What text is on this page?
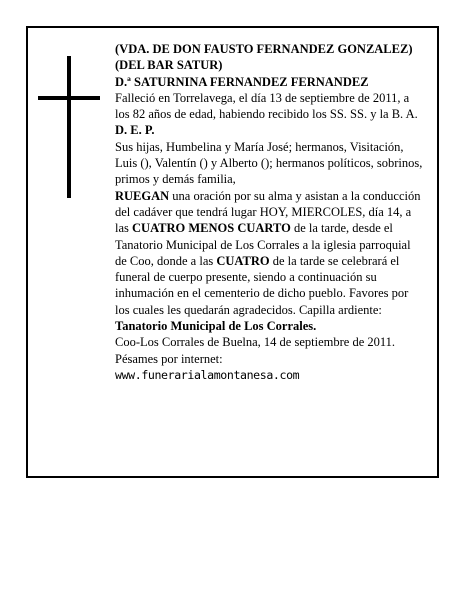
(VDA. DE DON FAUSTO FERNANDEZ GONZALEZ) (DEL BAR SATUR)

D.ª SATURNINA FERNANDEZ FERNANDEZ

Falleció en Torrelavega, el día 13 de septiembre de 2011, a los 82 años de edad, habiendo recibido los SS. SS. y la B. A.

D. E. P.

Sus hijas, Humbelina y María José; hermanos, Visitación, Luis (), Valentín () y Alberto (); hermanos políticos, sobrinos, primos y demás familia,
RUEGAN una oración por su alma y asistan a la conducción del cadáver que tendrá lugar HOY, MIERCOLES, día 14, a las CUATRO MENOS CUARTO de la tarde, desde el Tanatorio Municipal de Los Corrales a la iglesia parroquial de Coo, donde a las CUATRO de la tarde se celebrará el funeral de cuerpo presente, siendo a continuación su inhumación en el cementerio de dicho pueblo. Favores por los cuales les quedarán agradecidos. Capilla ardiente: Tanatorio Municipal de Los Corrales.

Coo-Los Corrales de Buelna, 14 de septiembre de 2011.

Pésames por internet:

www.funerarialamontanesa.com
